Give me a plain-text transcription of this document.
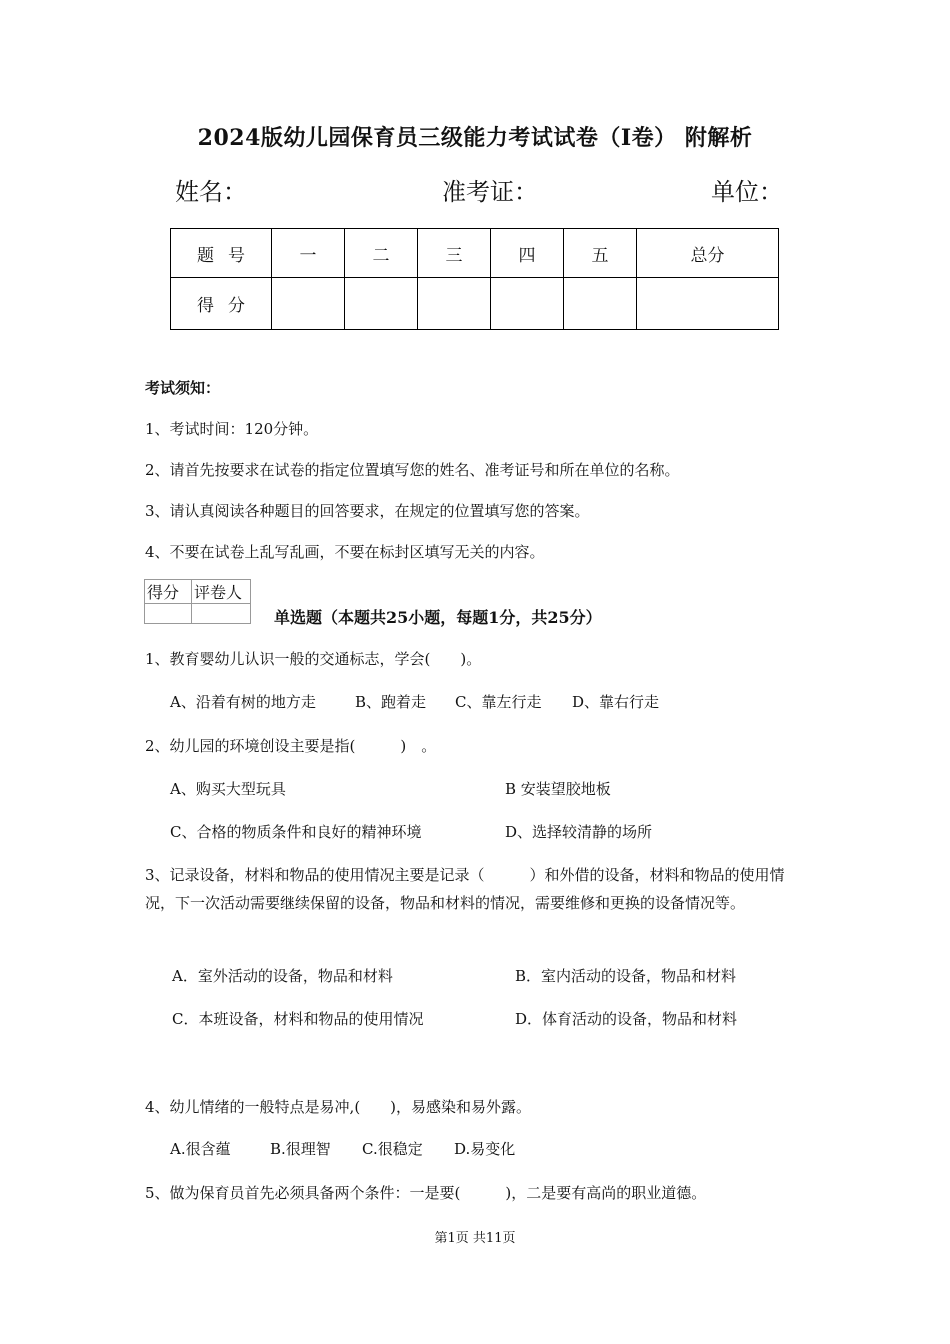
2024版幼儿园保育员三级能力考试试卷（I卷） 附解析
姓名：	准考证：	单位：
题号	一	二	三	四	五	总分
得分						
考试须知：
1、考试时间：120分钟。
2、请首先按要求在试卷的指定位置填写您的姓名、准考证号和所在单位的名称。
3、请认真阅读各种题目的回答要求，在规定的位置填写您的答案。
4、不要在试卷上乱写乱画，不要在标封区填写无关的内容。
得分	评卷人

单选题（本题共25小题，每题1分，共25分）
1、教育婴幼儿认识一般的交通标志，学会(　　)。
A、沿着有树的地方走	B、跑着走 C、靠左行走 D、靠右行走
2、幼儿园的环境创设主要是指(　　　)　。
A、购买大型玩具	B 安装望胶地板
C、合格的物质条件和良好的精神环境	D、选择较清静的场所
3、记录设备，材料和物品的使用情况主要是记录（　　　）和外借的设备，材料和物品的使用情况，下一次活动需要继续保留的设备，物品和材料的情况，需要维修和更换的设备情况等。
A．室外活动的设备，物品和材料	B．室内活动的设备，物品和材料
C．本班设备，材料和物品的使用情况	D．体育活动的设备，物品和材料
4、幼儿情绪的一般特点是易冲,(　　)，易感染和易外露。
A.很含蕴	B.很理智 C.很稳定 D.易变化
5、做为保育员首先必须具备两个条件：一是要(　　　)，二是要有高尚的职业道德。
第1页 共11页
